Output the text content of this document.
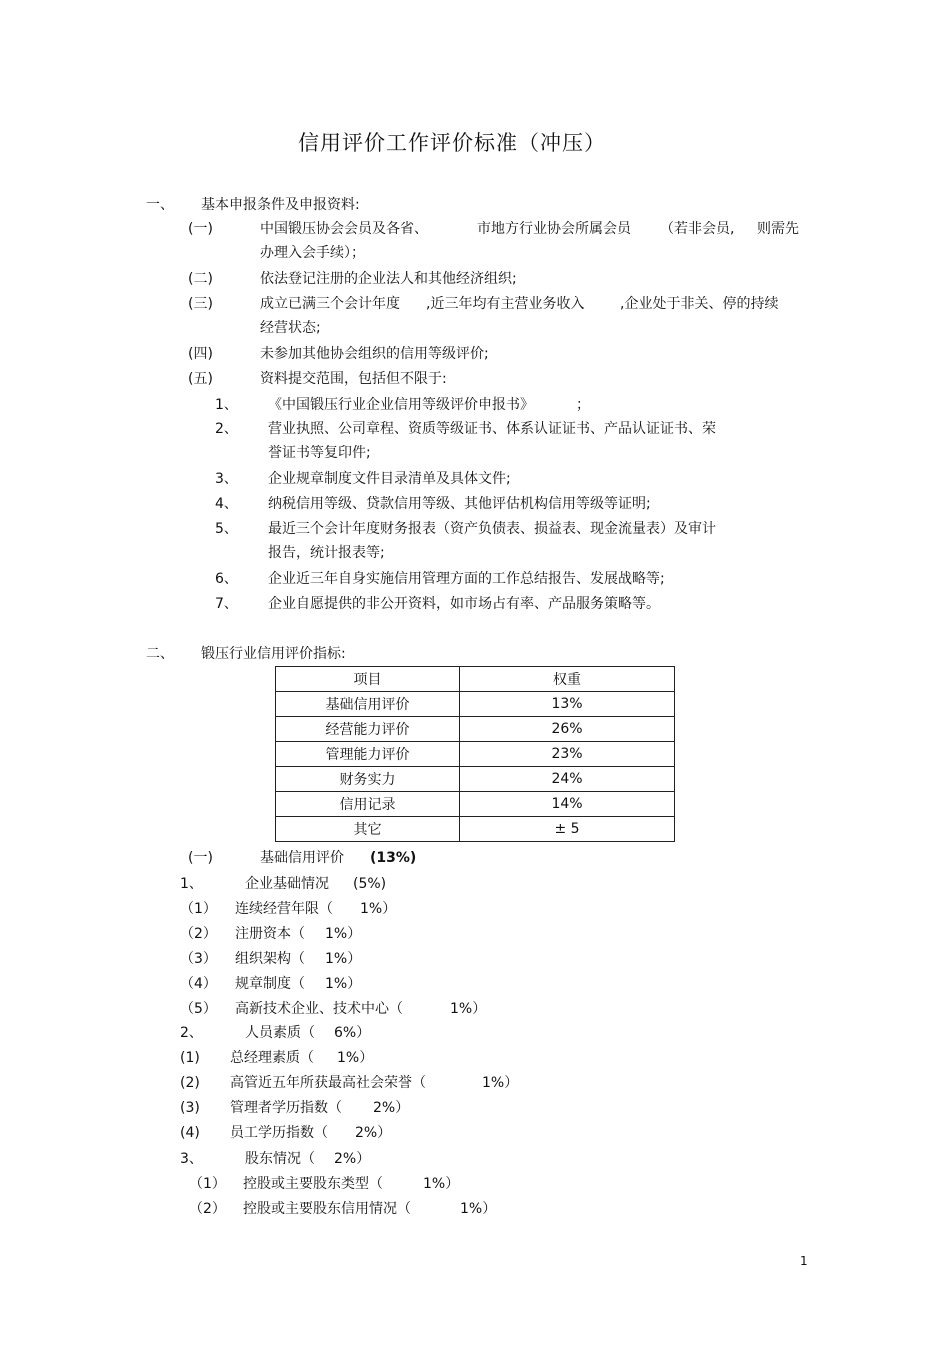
信用评价工作评价标准（冲压）
一、 基本申报条件及申报资料:
(一)	中国锻压协会会员及各省、	市地方行业协会所属会员 （若非会员, 则需先
办理入会手续）；
(二)	依法登记注册的企业法人和其他经济组织;
(三)	成立已满三个会计年度 ,近三年均有主营业务收入	,企业处于非关、停的持续
经营状态;
(四)	未参加其他协会组织的信用等级评价;
(五)	资料提交范围，包括但不限于:
1、 《中国锻压行业企业信用等级评价申报书》	；
2、 营业执照、公司章程、资质等级证书、体系认证证书、产品认证证书、荣
誉证书等复印件;
3、 企业规章制度文件目录清单及具体文件;
4、 纳税信用等级、贷款信用等级、其他评估机构信用等级等证明;
5、 最近三个会计年度财务报表（资产负债表、损益表、现金流量表）及审计
报告，统计报表等;
6、 企业近三年自身实施信用管理方面的工作总结报告、发展战略等;
7、 企业自愿提供的非公开资料，如市场占有率、产品服务策略等。
二、 锻压行业信用评价指标:
项目	权重
基础信用评价	13%
经营能力评价	26%
管理能力评价	23%
财务实力	24%
信用记录	14%
其它	± 5
(一)	基础信用评价 (13%)
1、	企业基础情况 (5%)
（1） 连续经营年限（ 1%）
（2） 注册资本（ 1%）
（3） 组织架构（ 1%）
（4） 规章制度（ 1%）
（5） 高新技术企业、技术中心（	1%）
2、	人员素质（ 6%）
(1) 总经理素质（ 1%）
(2) 高管近五年所获最高社会荣誉（	1%）
(3) 管理者学历指数（ 2%）
(4) 员工学历指数（ 2%）
3、	股东情况（ 2%）
（1） 控股或主要股东类型（	1%）
（2） 控股或主要股东信用情况（	1%）
1
